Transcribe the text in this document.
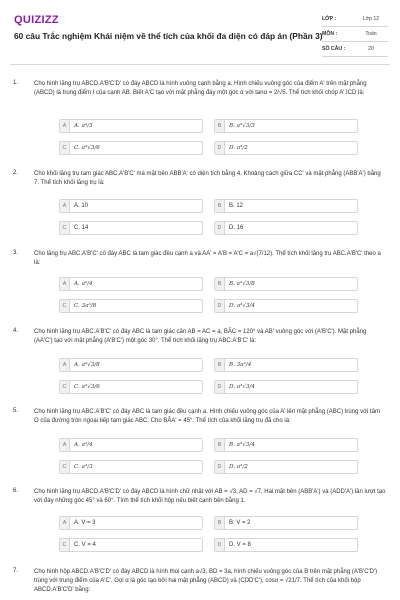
QUIZIZZ
60 câu Trắc nghiệm Khái niệm về thể tích của khối đa diện có đáp án (Phần 3)
LỚP :	Lớp 12
MÔN :	Toán
SỐ CÂU :	20
1.	Cho hình lăng trụ ABCD.A'B'C'D' có đáy ABCD là hình vuông cạnh bằng a. Hình chiếu vuông góc của điểm A' trên mặt phẳng (ABCD) là trung điểm I của cạnh AB. Biết A'C tạo với mặt phẳng đáy một góc α với tanα = 2/√5. Thể tích khối chóp A'.ICD là:
A	A. a³/3	B	B. a³√3/3
C	C. a³√3/6	D	D. a³/2
2.	Cho khối lăng trụ tam giác ABC.A'B'C' mà mặt bên ABB'A' có diện tích bằng 4. Khoảng cách giữa CC' và mặt phẳng (ABB'A') bằng 7. Thể tích khối lăng trụ là:
A	A. 10	B	B. 12
C	C. 14	D	D. 16
3.	Cho lăng trụ ABC.A'B'C' có đáy ABC là tam giác đều cạnh a và AA' = A'B = A'C = a√(7/12). Thể tích khối lăng trụ ABC.A'B'C' theo a là:
A	A. a³/4	B	B. a³√3/8
C	C. 3a³/8	D	D. a³√3/4
4.	Cho hình lăng trụ ABC.A'B'C' có đáy ABC là tam giác cân AB = AC = a, BÂC = 120° và AB' vuông góc với (A'B'C'). Mặt phẳng (AA'C') tạo với mặt phẳng (A'B'C') một góc 30°. Thể tích khối lăng trụ ABC.A'B'C' là:
A	A. a³√3/8	B	B. 3a³/4
C	C. a³√3/6	D	D. a³√3/4
5.	Cho hình lăng trụ ABC.A'B'C' có đáy ABC là tam giác đều cạnh a. Hình chiếu vuông góc của A' lên mặt phẳng (ABC) trùng với tâm O của đường tròn ngoại tiếp tam giác ABC. Cho BÂA' = 45°. Thể tích của khối lăng trụ đã cho là:
A	A. a³/4	B	B. a³√3/4
C	C. a³/3	D	D. a³/2
6.	Cho hình lăng trụ ABCD.A'B'C'D' có đáy ABCD là hình chữ nhật với AB = √3, AD = √7. Hai mặt bên (ABB'A') và (ADD'A') lần lượt tạo với đáy những góc 45° và 60°. Tính thể tích khối hộp nếu biết cạnh bên bằng 1.
A	A. V = 3	B	B. V = 2
C	C. V = 4	D	D. V = 8
7.	Cho hình hộp ABCD.A'B'C'D' có đáy ABCD là hình thoi cạnh a√3, BD = 3a, hình chiếu vuông góc của B trên mặt phẳng (A'B'C'D') trùng với trung điểm của A'C'. Gọi α là góc tạo bởi hai mặt phẳng (ABCD) và (CDD'C'), cosα = √21/7. Thể tích của khối hộp ABCD.A'B'C'D' bằng:
